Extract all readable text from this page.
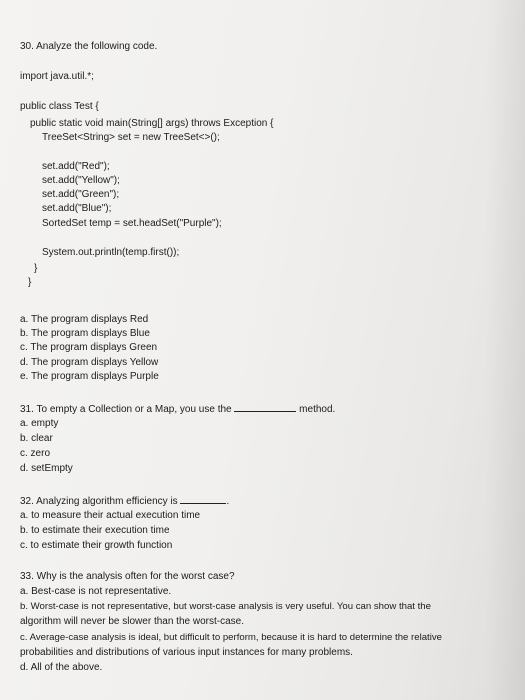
30. Analyze the following code.
import java.util.*;
public class Test {
public static void main(String[] args) throws Exception {
TreeSet<String> set = new TreeSet<>();
set.add("Red");
set.add("Yellow");
set.add("Green");
set.add("Blue");
SortedSet temp = set.headSet("Purple");
System.out.println(temp.first());
}
}
a. The program displays Red
b. The program displays Blue
c. The program displays Green
d. The program displays Yellow
e. The program displays Purple
31. To empty a Collection or a Map, you use the	method.
a. empty
b. clear
c. zero
d. setEmpty
32. Analyzing algorithm efficiency is	.
a. to measure their actual execution time
b. to estimate their execution time
c. to estimate their growth function
33. Why is the analysis often for the worst case?
a. Best-case is not representative.
b. Worst-case is not representative, but worst-case analysis is very useful. You can show that the
algorithm will never be slower than the worst-case.
c. Average-case analysis is ideal, but difficult to perform, because it is hard to determine the relative
probabilities and distributions of various input instances for many problems.
d. All of the above.
